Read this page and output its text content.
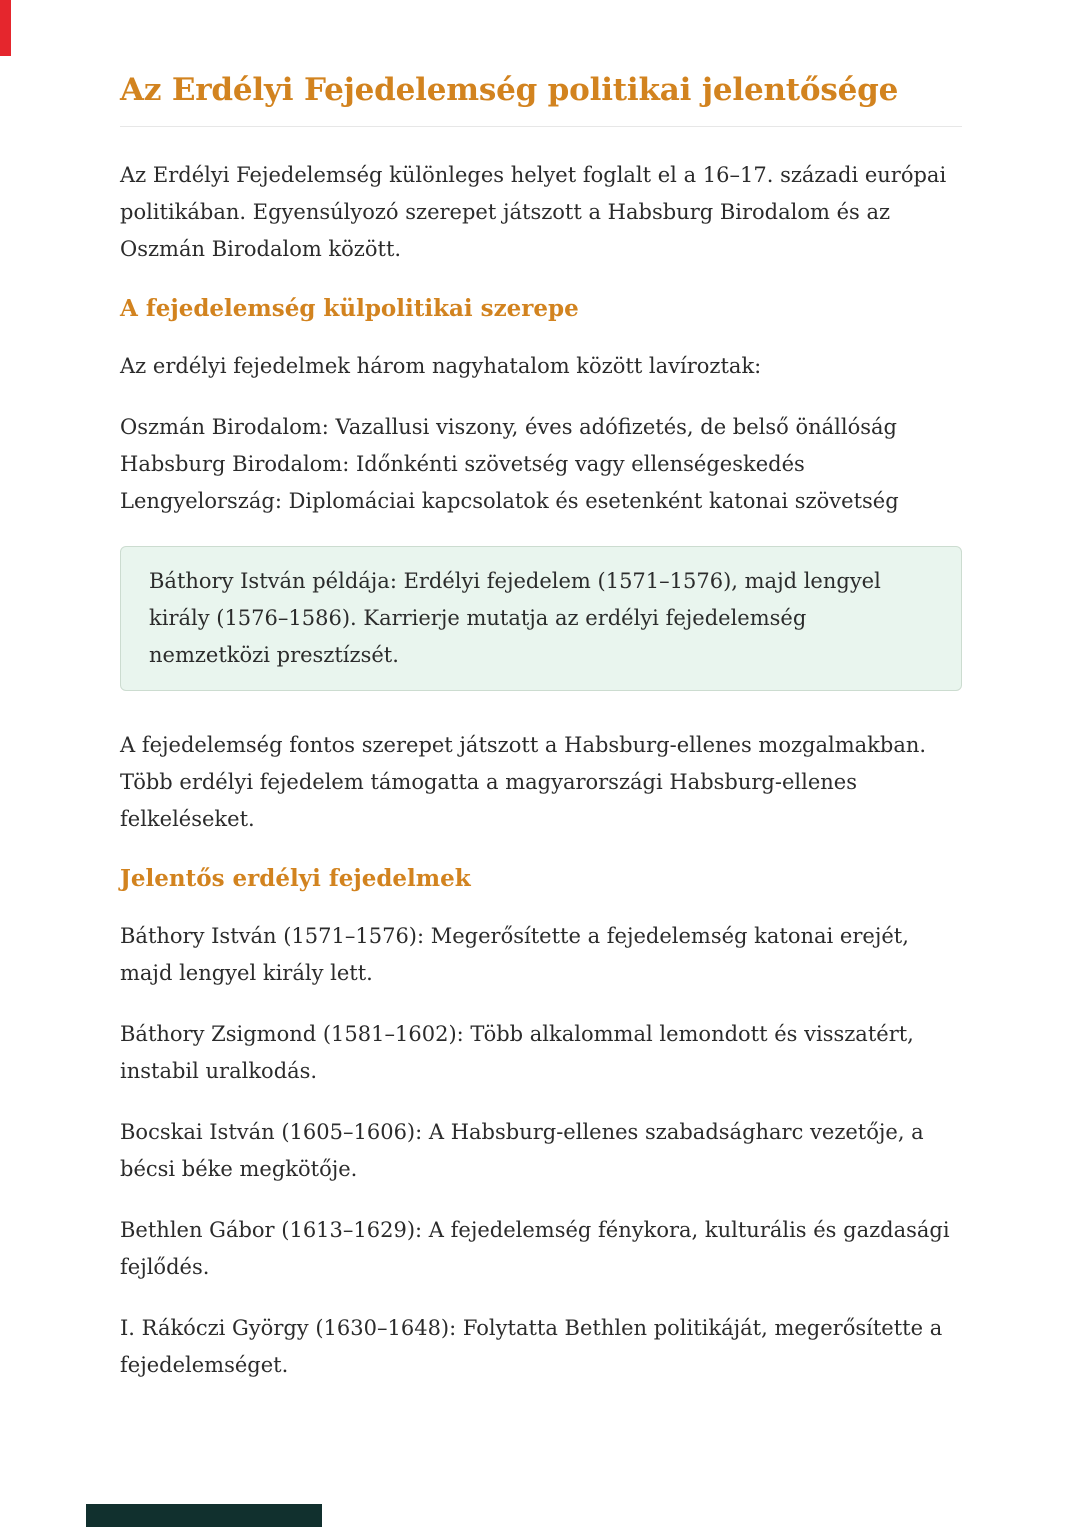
Az Erdélyi Fejedelemség politikai jelentősége

Az Erdélyi Fejedelemség különleges helyet foglalt el a 16–17. századi európai politikában. Egyensúlyozó szerepet játszott a Habsburg Birodalom és az Oszmán Birodalom között.

A fejedelemség külpolitikai szerepe

Az erdélyi fejedelmek három nagyhatalom között lavíroztak:

Oszmán Birodalom: Vazallusi viszony, éves adófizetés, de belső önállóság
Habsburg Birodalom: Időnkénti szövetség vagy ellenségeskedés
Lengyelország: Diplomáciai kapcsolatok és esetenként katonai szövetség

Báthory István példája: Erdélyi fejedelem (1571–1576), majd lengyel király (1576–1586). Karrierje mutatja az erdélyi fejedelemség nemzetközi presztízsét.

A fejedelemség fontos szerepet játszott a Habsburg-ellenes mozgalmakban. Több erdélyi fejedelem támogatta a magyarországi Habsburg-ellenes felkeléseket.

Jelentős erdélyi fejedelmek

Báthory István (1571–1576): Megerősítette a fejedelemség katonai erejét, majd lengyel király lett.

Báthory Zsigmond (1581–1602): Több alkalommal lemondott és visszatért, instabil uralkodás.

Bocskai István (1605–1606): A Habsburg-ellenes szabadságharc vezetője, a bécsi béke megkötője.

Bethlen Gábor (1613–1629): A fejedelemség fénykora, kulturális és gazdasági fejlődés.

I. Rákóczi György (1630–1648): Folytatta Bethlen politikáját, megerősítette a fejedelemséget.
